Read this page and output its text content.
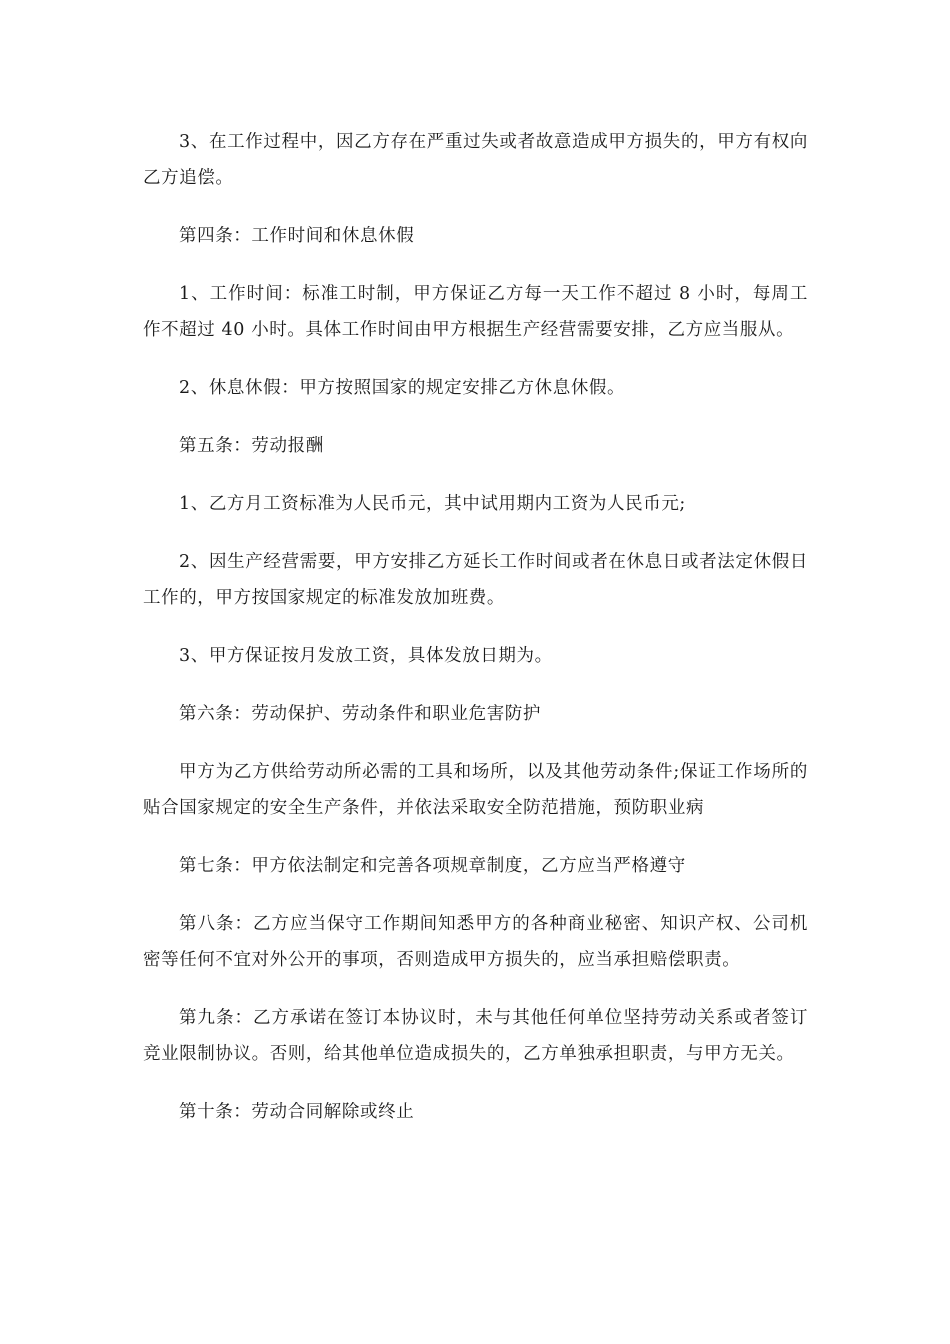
3、在工作过程中，因乙方存在严重过失或者故意造成甲方损失的，甲方有权向乙方追偿。

第四条：工作时间和休息休假

1、工作时间：标准工时制，甲方保证乙方每一天工作不超过 8 小时，每周工作不超过 40 小时。具体工作时间由甲方根据生产经营需要安排，乙方应当服从。

2、休息休假：甲方按照国家的规定安排乙方休息休假。

第五条：劳动报酬

1、乙方月工资标准为人民币元，其中试用期内工资为人民币元;

2、因生产经营需要，甲方安排乙方延长工作时间或者在休息日或者法定休假日工作的，甲方按国家规定的标准发放加班费。

3、甲方保证按月发放工资，具体发放日期为。

第六条：劳动保护、劳动条件和职业危害防护

甲方为乙方供给劳动所必需的工具和场所，以及其他劳动条件;保证工作场所的贴合国家规定的安全生产条件，并依法采取安全防范措施，预防职业病

第七条：甲方依法制定和完善各项规章制度，乙方应当严格遵守

第八条：乙方应当保守工作期间知悉甲方的各种商业秘密、知识产权、公司机密等任何不宜对外公开的事项，否则造成甲方损失的，应当承担赔偿职责。

第九条：乙方承诺在签订本协议时，未与其他任何单位坚持劳动关系或者签订竞业限制协议。否则，给其他单位造成损失的，乙方单独承担职责，与甲方无关。

第十条：劳动合同解除或终止
